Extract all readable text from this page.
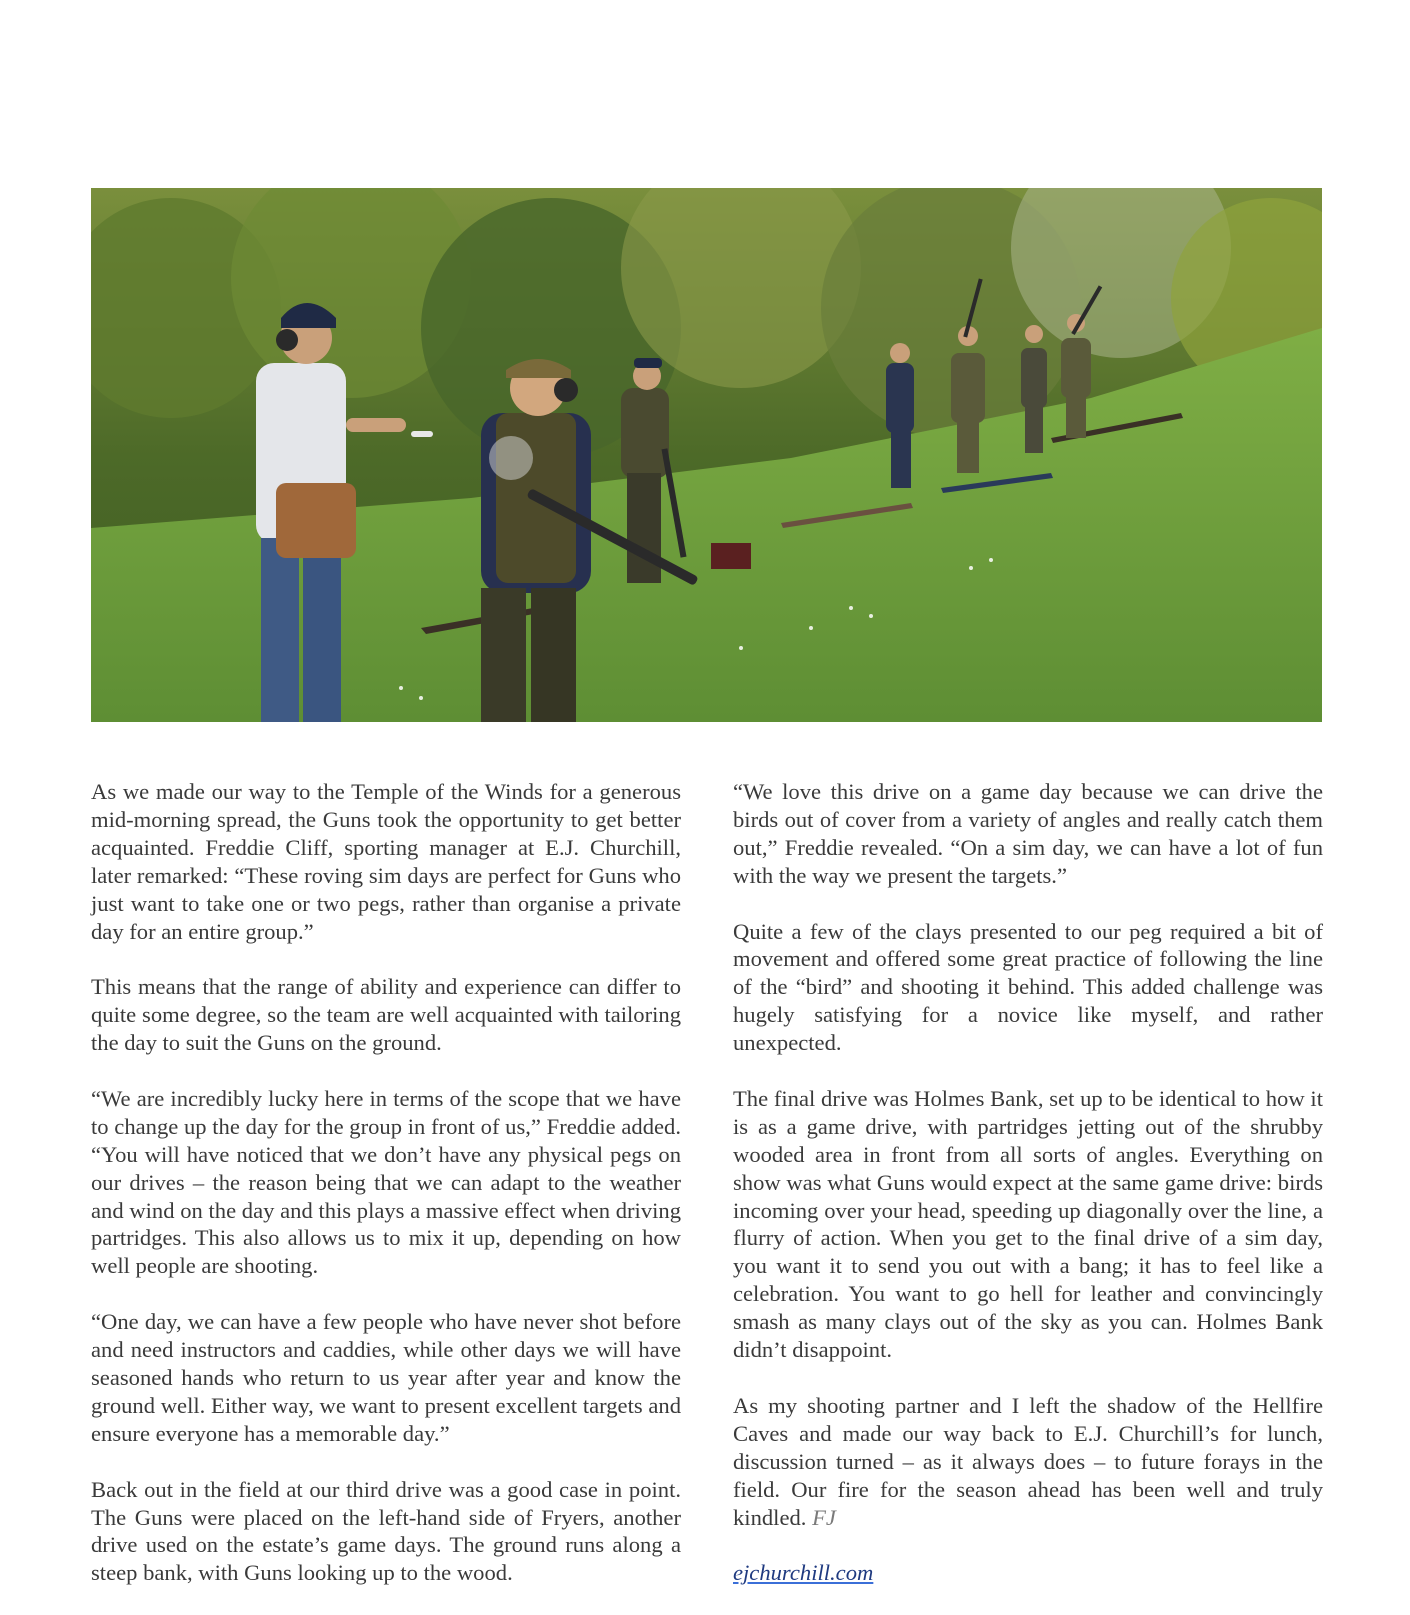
As we made our way to the Temple of the Winds for a generous mid-morning spread, the Guns took the opportunity to get better acquainted. Freddie Cliff, sporting manager at E.J. Churchill, later remarked: “These roving sim days are perfect for Guns who just want to take one or two pegs, rather than organise a private day for an entire group.”

This means that the range of ability and experience can differ to quite some degree, so the team are well acquainted with tailoring the day to suit the Guns on the ground.

“We are incredibly lucky here in terms of the scope that we have to change up the day for the group in front of us,” Freddie added. “You will have noticed that we don’t have any physical pegs on our drives – the reason being that we can adapt to the weather and wind on the day and this plays a massive effect when driving partridges. This also allows us to mix it up, depending on how well people are shooting.

“One day, we can have a few people who have never shot before and need instructors and caddies, while other days we will have seasoned hands who return to us year after year and know the ground well. Either way, we want to present excellent targets and ensure everyone has a memorable day.”

Back out in the field at our third drive was a good case in point. The Guns were placed on the left-hand side of Fryers, another drive used on the estate’s game days. The ground runs along a steep bank, with Guns looking up to the wood.

“We love this drive on a game day because we can drive the birds out of cover from a variety of angles and really catch them out,” Freddie revealed. “On a sim day, we can have a lot of fun with the way we present the targets.”

Quite a few of the clays presented to our peg required a bit of movement and offered some great practice of following the line of the “bird” and shooting it behind. This added challenge was hugely satisfying for a novice like myself, and rather unexpected.

The final drive was Holmes Bank, set up to be identical to how it is as a game drive, with partridges jetting out of the shrubby wooded area in front from all sorts of angles. Everything on show was what Guns would expect at the same game drive: birds incoming over your head, speeding up diagonally over the line, a flurry of action. When you get to the final drive of a sim day, you want it to send you out with a bang; it has to feel like a celebration. You want to go hell for leather and convincingly smash as many clays out of the sky as you can. Holmes Bank didn’t disappoint.

As my shooting partner and I left the shadow of the Hellfire Caves and made our way back to E.J. Churchill’s for lunch, discussion turned – as it always does – to future forays in the field. Our fire for the season ahead has been well and truly kindled. FJ

ejchurchill.com
